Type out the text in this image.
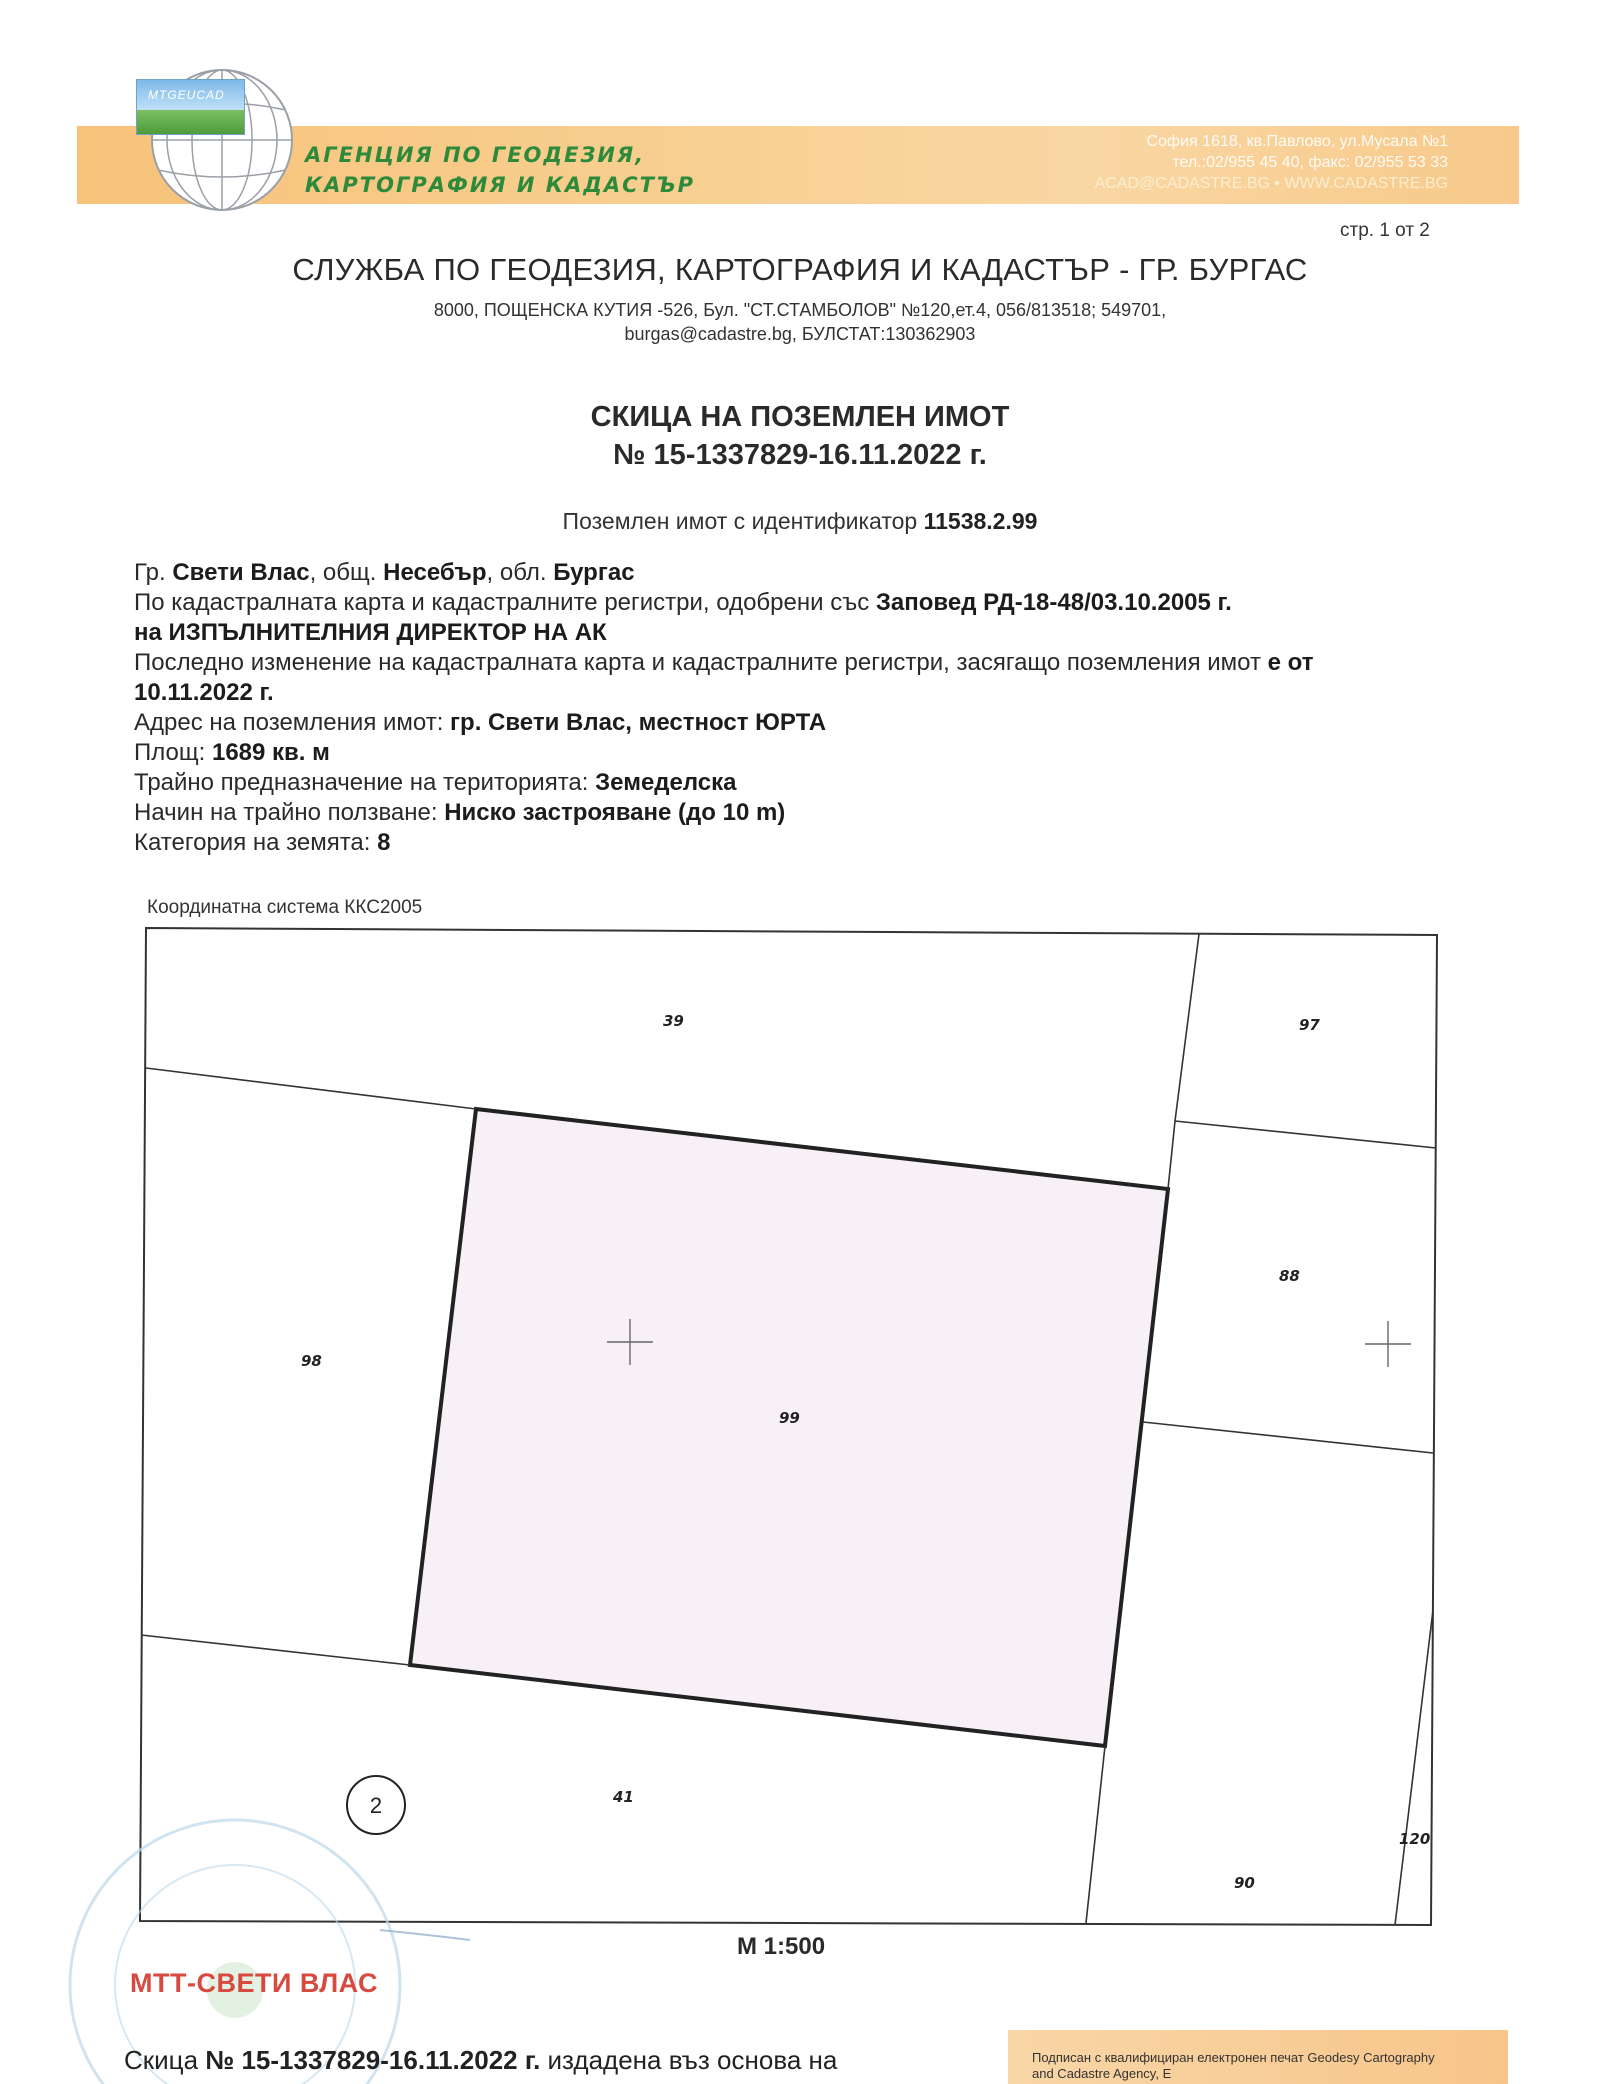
MTGEUCAD
АГЕНЦИЯ ПО ГЕОДЕЗИЯ,
КАРТОГРАФИЯ И КАДАСТЪР
София 1618, кв.Павлово, ул.Мусала №1
тел.:02/955 45 40, факс: 02/955 53 33
ACAD@CADASTRE.BG • WWW.CADASTRE.BG
стр. 1 от 2
СЛУЖБА ПО ГЕОДЕЗИЯ, КАРТОГРАФИЯ И КАДАСТЪР - ГР. БУРГАС
8000, ПОЩЕНСКА КУТИЯ -526, Бул. "СТ.СТАМБОЛОВ" №120,ет.4, 056/813518; 549701,
burgas@cadastre.bg, БУЛСТАТ:130362903
СКИЦА НА ПОЗЕМЛЕН ИМОТ
№ 15-1337829-16.11.2022 г.
Поземлен имот с идентификатор 11538.2.99
Гр. Свети Влас, общ. Несебър, обл. Бургас
По кадастралната карта и кадастралните регистри, одобрени със Заповед РД-18-48/03.10.2005 г.
на ИЗПЪЛНИТЕЛНИЯ ДИРЕКТОР НА АК
Последно изменение на кадастралната карта и кадастралните регистри, засягащо поземления имот е от
10.11.2022 г.
Адрес на поземления имот: гр. Свети Влас, местност ЮРТА
Площ: 1689 кв. м
Трайно предназначение на територията: Земеделска
Начин на трайно ползване: Ниско застрояване (до 10 m)
Категория на земята: 8
Координатна система ККС2005
39	97
88
98
99
41
90
120
2
М 1:500
МТТ-СВЕТИ ВЛАС
Подписан с квалифициран електронен печат Geodesy Cartography
and Cadastre Agency, E
Скица № 15-1337829-16.11.2022 г. издадена въз основа на
